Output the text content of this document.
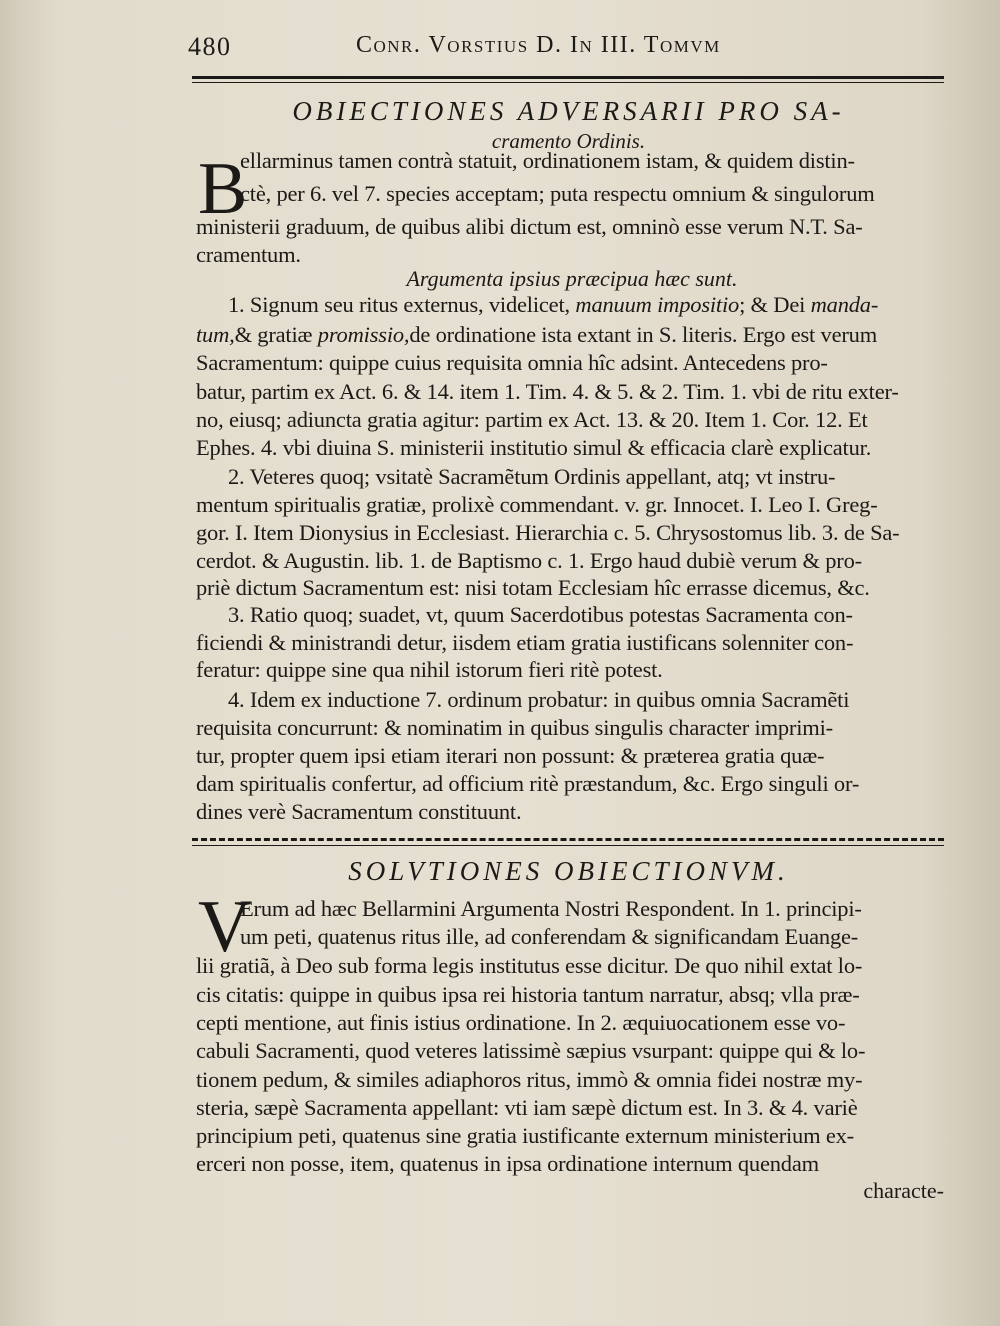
480	Conr. Vorstius D. In III. Tomvm
OBIECTIONES ADVERSARII PRO SA-
cramento Ordinis.
B
ellarminus tamen contrà statuit, ordinationem istam, & quidem distin-
ctè, per 6. vel 7. species acceptam; puta respectu omnium & singulorum
ministerii graduum, de quibus alibi dictum est, omninò esse verum N.T. Sa-
cramentum.
Argumenta ipsius præcipua hæc sunt.
1. Signum seu ritus externus, videlicet, manuum impositio; & Dei manda-
tum,& gratiæ promissio,de ordinatione ista extant in S. literis. Ergo est verum
Sacramentum: quippe cuius requisita omnia hîc adsint. Antecedens pro-
batur, partim ex Act. 6. & 14. item 1. Tim. 4. & 5. & 2. Tim. 1. vbi de ritu exter-
no, eiusq; adiuncta gratia agitur: partim ex Act. 13. & 20. Item 1. Cor. 12. Et
Ephes. 4. vbi diuina S. ministerii institutio simul & efficacia clarè explicatur.
2. Veteres quoq; vsitatè Sacramẽtum Ordinis appellant, atq; vt instru-
mentum spiritualis gratiæ, prolixè commendant. v. gr. Innocet. I. Leo I. Greg-
gor. I. Item Dionysius in Ecclesiast. Hierarchia c. 5. Chrysostomus lib. 3. de Sa-
cerdot. & Augustin. lib. 1. de Baptismo c. 1. Ergo haud dubiè verum & pro-
priè dictum Sacramentum est: nisi totam Ecclesiam hîc errasse dicemus, &c.
3. Ratio quoq; suadet, vt, quum Sacerdotibus potestas Sacramenta con-
ficiendi & ministrandi detur, iisdem etiam gratia iustificans solenniter con-
feratur: quippe sine qua nihil istorum fieri ritè potest.
4. Idem ex inductione 7. ordinum probatur: in quibus omnia Sacramẽti
requisita concurrunt: & nominatim in quibus singulis character imprimi-
tur, propter quem ipsi etiam iterari non possunt: & præterea gratia quæ-
dam spiritualis confertur, ad officium ritè præstandum, &c. Ergo singuli or-
dines verè Sacramentum constituunt.
SOLVTIONES OBIECTIONVM.
V
Erum ad hæc Bellarmini Argumenta Nostri Respondent. In 1. principi-
um peti, quatenus ritus ille, ad conferendam & significandam Euange-
lii gratiã, à Deo sub forma legis institutus esse dicitur. De quo nihil extat lo-
cis citatis: quippe in quibus ipsa rei historia tantum narratur, absq; vlla præ-
cepti mentione, aut finis istius ordinatione. In 2. æquiuocationem esse vo-
cabuli Sacramenti, quod veteres latissimè sæpius vsurpant: quippe qui & lo-
tionem pedum, & similes adiaphoros ritus, immò & omnia fidei nostræ my-
steria, sæpè Sacramenta appellant: vti iam sæpè dictum est. In 3. & 4. variè
principium peti, quatenus sine gratia iustificante externum ministerium ex-
erceri non posse, item, quatenus in ipsa ordinatione internum quendam
characte-
